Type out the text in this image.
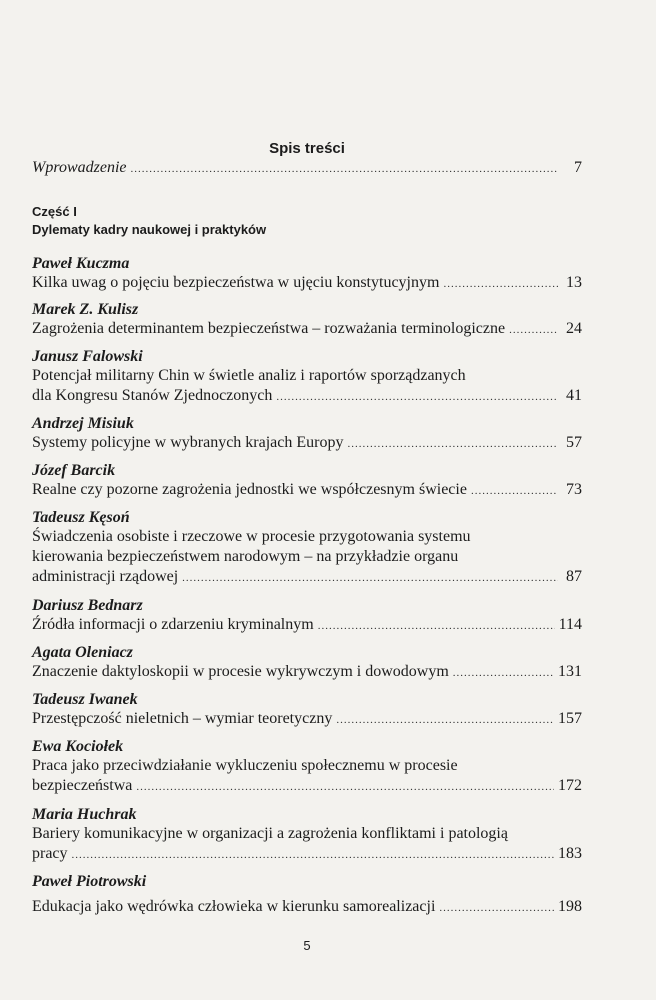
Spis treści
Wprowadzenie .....	7
Część I
Dylematy kadry naukowej i praktyków
Paweł Kuczma
Kilka uwag o pojęciu bezpieczeństwa w ujęciu konstytucyjnym .....	13
Marek Z. Kulisz
Zagrożenia determinantem bezpieczeństwa – rozważania terminologiczne .....	24
Janusz Falowski
Potencjał militarny Chin w świetle analiz i raportów sporządzanych
dla Kongresu Stanów Zjednoczonych .....	41
Andrzej Misiuk
Systemy policyjne w wybranych krajach Europy .....	57
Józef Barcik
Realne czy pozorne zagrożenia jednostki we współczesnym świecie .....	73
Tadeusz Kęsoń
Świadczenia osobiste i rzeczowe w procesie przygotowania systemu
kierowania bezpieczeństwem narodowym – na przykładzie organu
administracji rządowej .....	87
Dariusz Bednarz
Źródła informacji o zdarzeniu kryminalnym .....	114
Agata Oleniacz
Znaczenie daktyloskopii w procesie wykrywczym i dowodowym .....	131
Tadeusz Iwanek
Przestępczość nieletnich – wymiar teoretyczny .....	157
Ewa Kociołek
Praca jako przeciwdziałanie wykluczeniu społecznemu w procesie
bezpieczeństwa .....	172
Maria Huchrak
Bariery komunikacyjne w organizacji a zagrożenia konfliktami i patologią
pracy .....	183
Paweł Piotrowski
Edukacja jako wędrówka człowieka w kierunku samorealizacji .....	198
5
